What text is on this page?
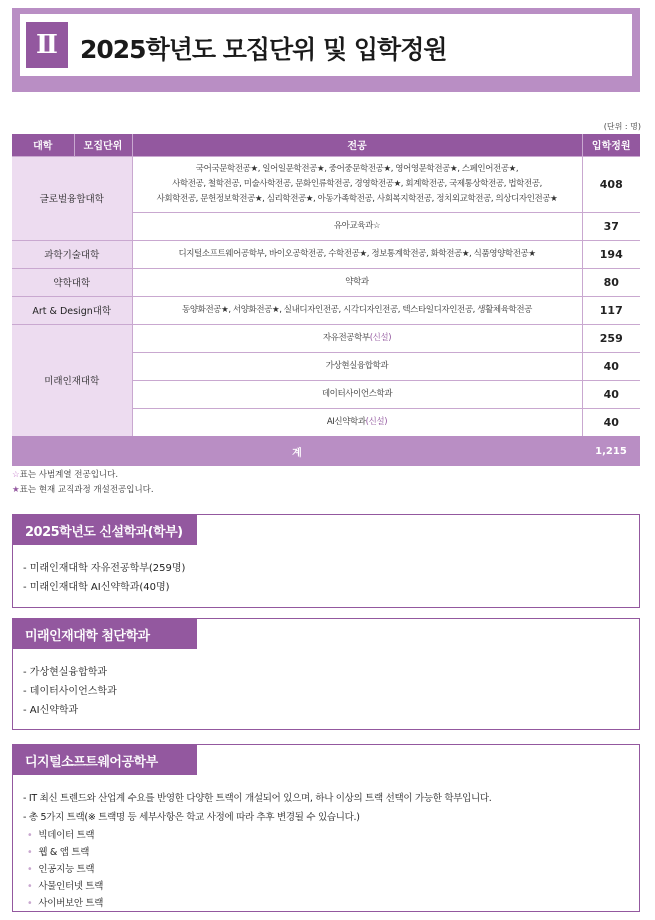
Ⅱ 2025학년도 모집단위 및 입학정원
(단위 : 명)
대학	모집단위	전공	입학정원
글로벌융합대학		국어국문학전공★, 일어일문학전공★, 중어중문학전공★, 영어영문학전공★, 스페인어전공★,
사학전공, 철학전공, 미술사학전공, 문화인류학전공, 경영학전공★, 회계학전공, 국제통상학전공, 법학전공,
사회학전공, 문헌정보학전공★, 심리학전공★, 아동가족학전공, 사회복지학전공, 정치외교학전공, 의상디자인전공★	408
		유아교육과☆	37
과학기술대학		디지털소프트웨어공학부, 바이오공학전공, 수학전공★, 정보통계학전공, 화학전공★, 식품영양학전공★	194
약학대학		약학과	80
Art & Design대학		동양화전공★, 서양화전공★, 실내디자인전공, 시각디자인전공, 텍스타일디자인전공, 생활체육학전공	117
미래인재대학		자유전공학부(신설)	259
		가상현실융합학과	40
		데이터사이언스학과	40
		AI신약학과(신설)	40
계			1,215
☆표는 사범계열 전공입니다.
★표는 현재 교직과정 개설전공입니다.
2025학년도 신설학과(학부)
- 미래인재대학 자유전공학부(259명)
- 미래인재대학 AI신약학과(40명)
미래인재대학 첨단학과
- 가상현실융합학과
- 데이터사이언스학과
- AI신약학과
디지털소프트웨어공학부
- IT 최신 트렌드와 산업계 수요를 반영한 다양한 트랙이 개설되어 있으며, 하나 이상의 트랙 선택이 가능한 학부입니다.
- 총 5가지 트랙(※ 트랙명 등 세부사항은 학교 사정에 따라 추후 변경될 수 있습니다.)
• 빅데이터 트랙
• 웹 & 앱 트랙
• 인공지능 트랙
• 사물인터넷 트랙
• 사이버보안 트랙
